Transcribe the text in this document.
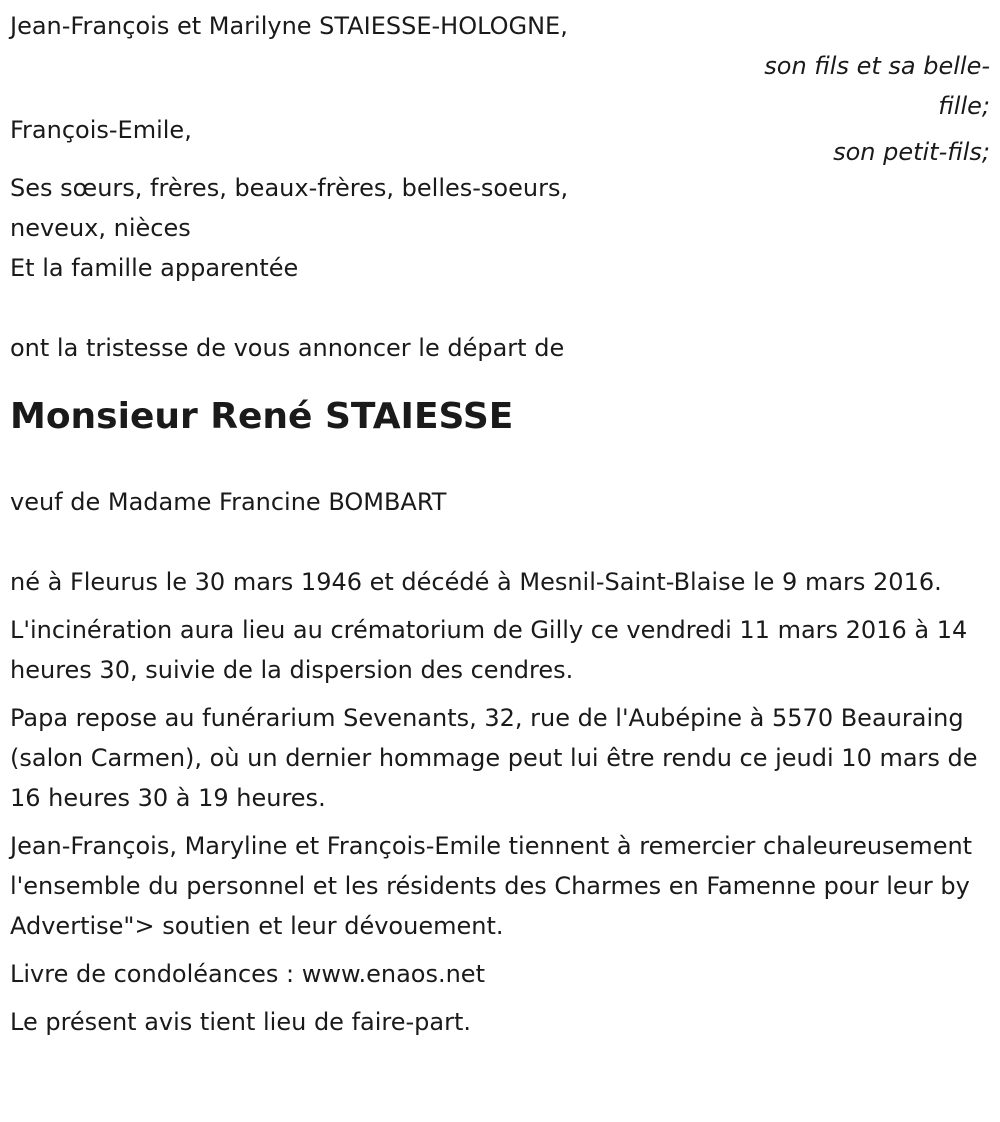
Jean-François et Marilyne STAIESSE-HOLOGNE,
son fils et sa belle-fille;
François-Emile,
son petit-fils;
Ses sœurs, frères, beaux-frères, belles-soeurs,
neveux, nièces
Et la famille apparentée
ont la tristesse de vous annoncer le départ de
Monsieur René STAIESSE
veuf de Madame Francine BOMBART

né à Fleurus le 30 mars 1946 et décédé à Mesnil-Saint-Blaise le 9 mars 2016.

L'incinération aura lieu au crématorium de Gilly ce vendredi 11 mars 2016 à 14 heures 30, suivie de la dispersion des cendres.

Papa repose au funérarium Sevenants, 32, rue de l'Aubépine à 5570 Beauraing (salon Carmen), où un dernier hommage peut lui être rendu ce jeudi 10 mars de 16 heures 30 à 19 heures.

Jean-François, Maryline et François-Emile tiennent à remercier chaleureusement l'ensemble du personnel et les résidents des Charmes en Famenne pour leur by Advertise"> soutien et leur dévouement.

Livre de condoléances : www.enaos.net

Le présent avis tient lieu de faire-part.
